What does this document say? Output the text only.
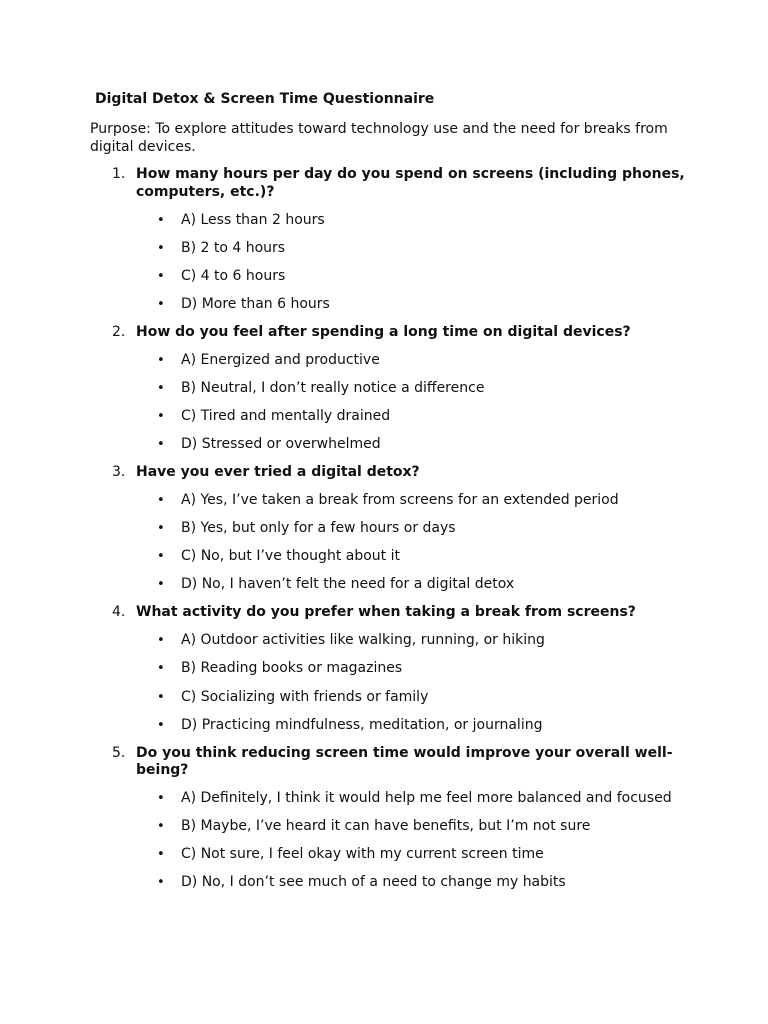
Digital Detox & Screen Time Questionnaire

Purpose: To explore attitudes toward technology use and the need for breaks from digital devices.

1. How many hours per day do you spend on screens (including phones, computers, etc.)?
• A) Less than 2 hours
• B) 2 to 4 hours
• C) 4 to 6 hours
• D) More than 6 hours
2. How do you feel after spending a long time on digital devices?
• A) Energized and productive
• B) Neutral, I don’t really notice a difference
• C) Tired and mentally drained
• D) Stressed or overwhelmed
3. Have you ever tried a digital detox?
• A) Yes, I’ve taken a break from screens for an extended period
• B) Yes, but only for a few hours or days
• C) No, but I’ve thought about it
• D) No, I haven’t felt the need for a digital detox
4. What activity do you prefer when taking a break from screens?
• A) Outdoor activities like walking, running, or hiking
• B) Reading books or magazines
• C) Socializing with friends or family
• D) Practicing mindfulness, meditation, or journaling
5. Do you think reducing screen time would improve your overall well-being?
• A) Definitely, I think it would help me feel more balanced and focused
• B) Maybe, I’ve heard it can have benefits, but I’m not sure
• C) Not sure, I feel okay with my current screen time
• D) No, I don’t see much of a need to change my habits
